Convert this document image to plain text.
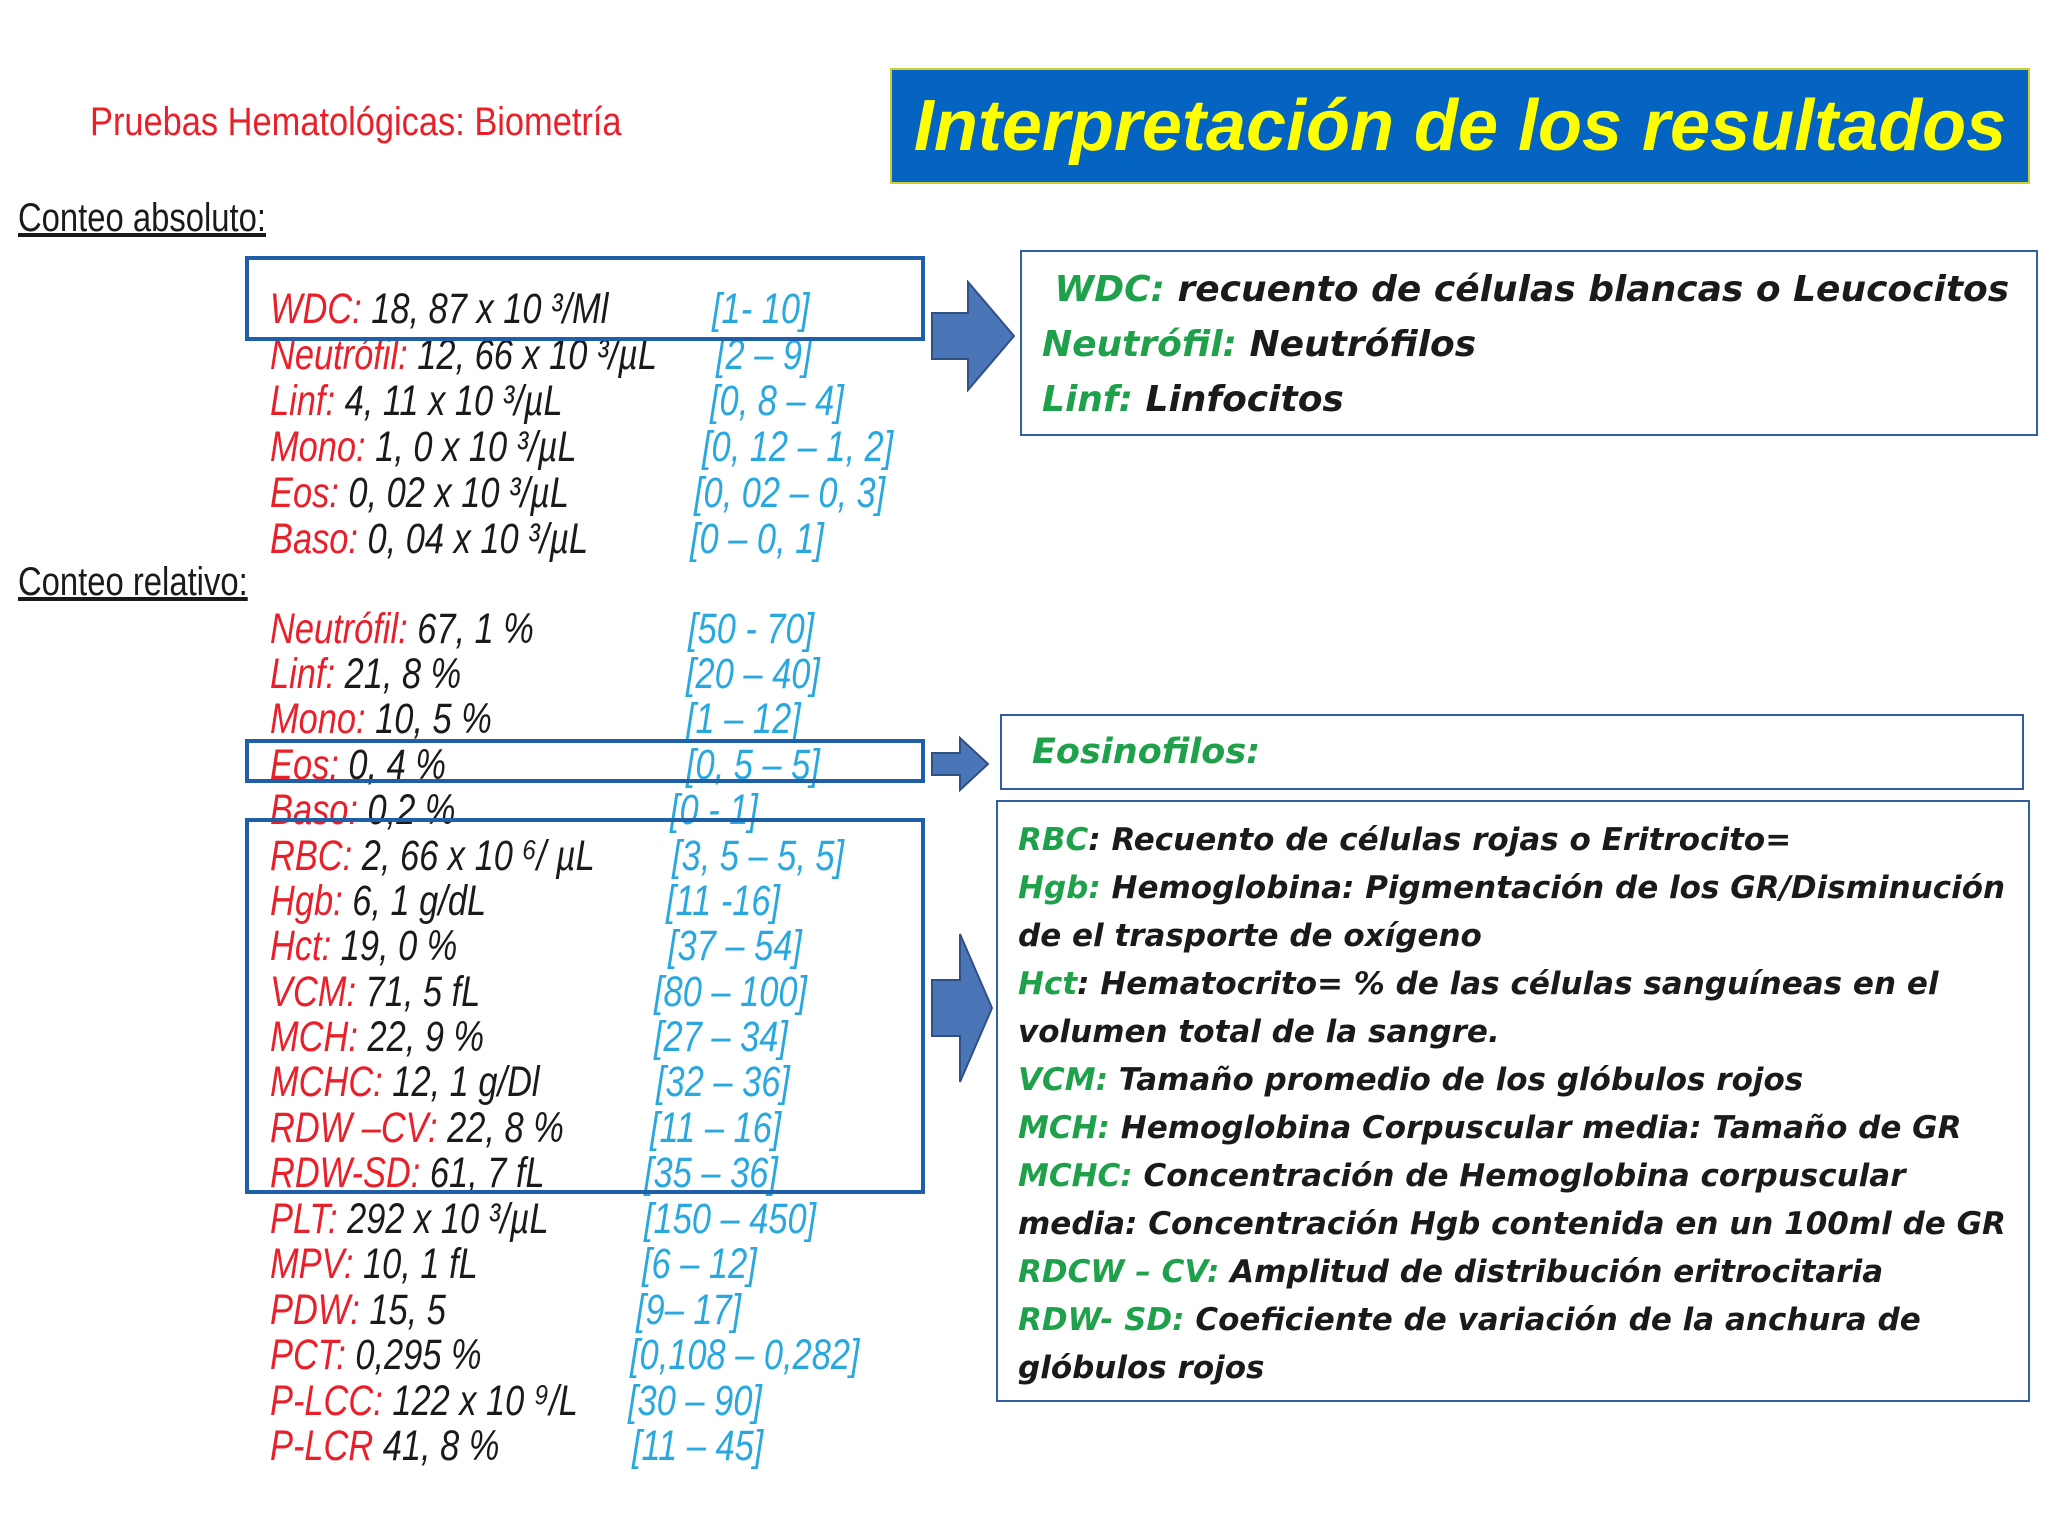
Pruebas Hematológicas: Biometría	Interpretación de los resultados
Conteo absoluto:
Conteo relativo:
WDC: 18, 87 x 10 ³/Ml [1- 10]
Neutrófil: 12, 66 x 10 ³/µL [2 – 9]
Linf: 4, 11 x 10 ³/µL	[0, 8 – 4]
Mono: 1, 0 x 10 ³/µL	[0, 12 – 1, 2]
Eos: 0, 02 x 10 ³/µL	[0, 02 – 0, 3]
Baso: 0, 04 x 10 ³/µL [0 – 0, 1]
Neutrófil: 67, 1 %	[50 - 70]
Linf: 21, 8 %	[20 – 40]
Mono: 10, 5 %	[1 – 12]
Eos: 0, 4 %	[0, 5 – 5]
Baso: 0,2 %	[0 - 1]
RBC: 2, 66 x 10 ⁶/ µL [3, 5 – 5, 5]
Hgb: 6, 1 g/dL	[11 -16]
Hct: 19, 0 %	[37 – 54]
VCM: 71, 5 fL	[80 – 100]
MCH: 22, 9 %	[27 – 34]
MCHC: 12, 1 g/Dl	[32 – 36]
RDW –CV: 22, 8 % [11 – 16]
RDW-SD: 61, 7 fL [35 – 36]
PLT: 292 x 10 ³/µL [150 – 450]
MPV: 10, 1 fL	[6 – 12]
PDW: 15, 5	[9– 17]
PCT: 0,295 %	[0,108 – 0,282]
P-LCC: 122 x 10 ⁹/L [30 – 90]
P-LCR 41, 8 %	[11 – 45]
WDC: recuento de células blancas o Leucocitos
Neutrófil: Neutrófilos
Linf: Linfocitos
Eosinofilos:
RBC: Recuento de células rojas o Eritrocito=
Hgb: Hemoglobina: Pigmentación de los GR/Disminución de el trasporte de oxígeno
Hct: Hematocrito= % de las células sanguíneas en el volumen total de la sangre.
VCM: Tamaño promedio de los glóbulos rojos
MCH: Hemoglobina Corpuscular media: Tamaño de GR
MCHC: Concentración de Hemoglobina corpuscular media: Concentración Hgb contenida en un 100ml de GR
RDCW – CV: Amplitud de distribución eritrocitaria
RDW- SD: Coeficiente de variación de la anchura de glóbulos rojos
